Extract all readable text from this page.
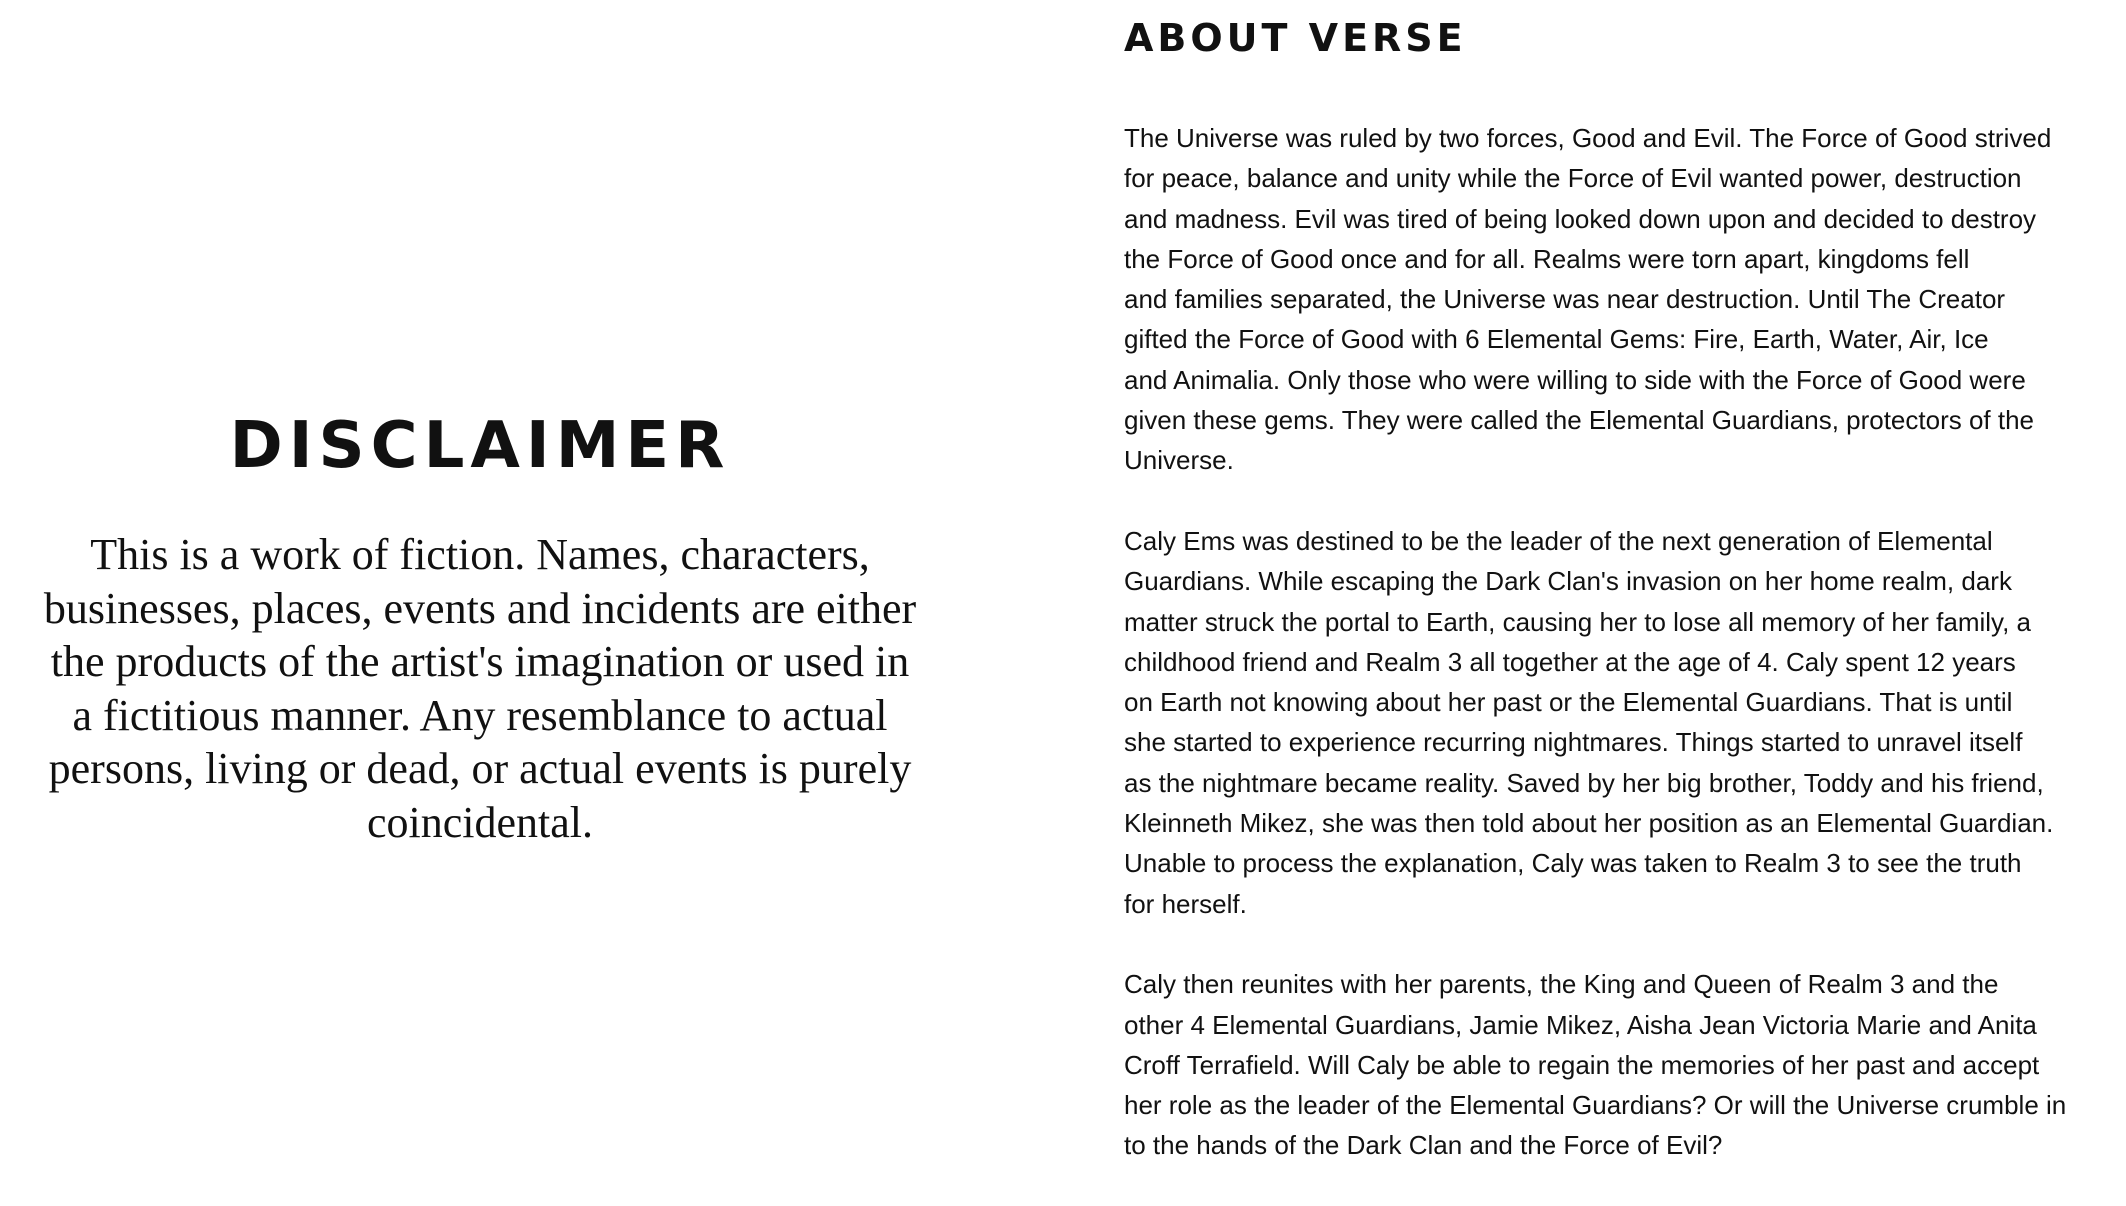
DISCLAIMER
This is a work of fiction. Names, characters,
businesses, places, events and incidents are either
the products of the artist's imagination or used in
a fictitious manner. Any resemblance to actual
persons, living or dead, or actual events is purely
coincidental.
ABOUT VERSE

The Universe was ruled by two forces, Good and Evil. The Force of Good strived
for peace, balance and unity while the Force of Evil wanted power, destruction
and madness. Evil was tired of being looked down upon and decided to destroy
the Force of Good once and for all. Realms were torn apart, kingdoms fell
and families separated, the Universe was near destruction. Until The Creator
gifted the Force of Good with 6 Elemental Gems: Fire, Earth, Water, Air, Ice
and Animalia. Only those who were willing to side with the Force of Good were
given these gems. They were called the Elemental Guardians, protectors of the
Universe.

Caly Ems was destined to be the leader of the next generation of Elemental
Guardians. While escaping the Dark Clan's invasion on her home realm, dark
matter struck the portal to Earth, causing her to lose all memory of her family, a
childhood friend and Realm 3 all together at the age of 4. Caly spent 12 years
on Earth not knowing about her past or the Elemental Guardians. That is until
she started to experience recurring nightmares. Things started to unravel itself
as the nightmare became reality. Saved by her big brother, Toddy and his friend,
Kleinneth Mikez, she was then told about her position as an Elemental Guardian.
Unable to process the explanation, Caly was taken to Realm 3 to see the truth
for herself.

Caly then reunites with her parents, the King and Queen of Realm 3 and the
other 4 Elemental Guardians, Jamie Mikez, Aisha Jean Victoria Marie and Anita
Croff Terrafield. Will Caly be able to regain the memories of her past and accept
her role as the leader of the Elemental Guardians? Or will the Universe crumble in
to the hands of the Dark Clan and the Force of Evil?
